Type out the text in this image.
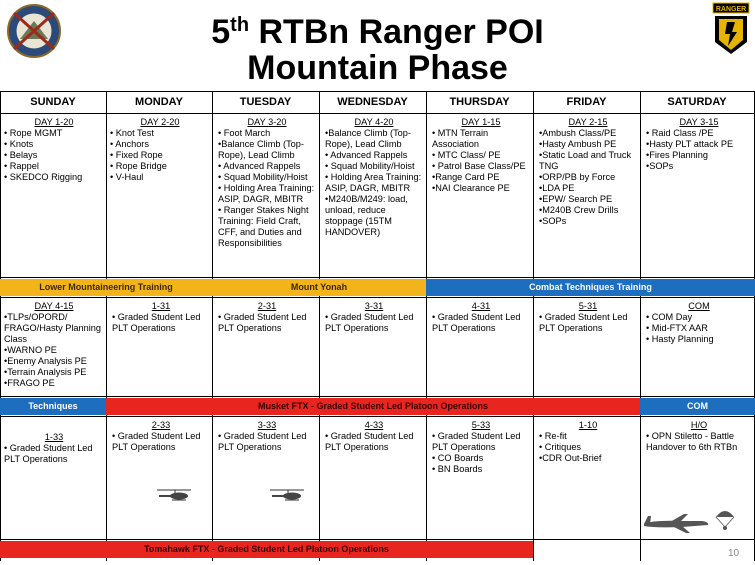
RANGER
5th RTBn Ranger POI
Mountain Phase
SUNDAY	MONDAY	TUESDAY	WEDNESDAY	THURSDAY	FRIDAY	SATURDAY
DAY 1-20
• Rope MGMT
• Knots
• Belays
• Rappel
• SKEDCO Rigging
DAY 2-20
• Knot Test
• Anchors
• Fixed Rope
• Rope Bridge
• V-Haul
DAY 3-20
• Foot March
•Balance Climb (Top-Rope), Lead Climb
• Advanced Rappels
• Squad Mobility/Hoist
• Holding Area Training: ASIP, DAGR, MBITR
• Ranger Stakes Night Training: Field Craft, CFF, and Duties and Responsibilities
DAY 4-20
•Balance Climb (Top-Rope), Lead Climb
• Advanced Rappels
• Squad Mobility/Hoist
• Holding Area Training: ASIP, DAGR, MBITR
•M240B/M249: load, unload, reduce stoppage (15TM HANDOVER)
DAY 1-15
• MTN Terrain Association
• MTC Class/ PE
• Patrol Base Class/PE
•Range Card PE
•NAI Clearance PE
DAY 2-15
•Ambush Class/PE
•Hasty Ambush PE
•Static Load and Truck TNG
•ORP/PB by Force
•LDA PE
•EPW/ Search PE
•M240B Crew Drills
•SOPs
DAY 3-15
• Raid Class /PE
•Hasty PLT attack PE
•Fires Planning
•SOPs
Lower Mountaineering Training	Mount Yonah	Combat Techniques Training
DAY 4-15
•TLPs/OPORD/ FRAGO/Hasty Planning Class
•WARNO PE
•Enemy Analysis PE
•Terrain Analysis PE
•FRAGO PE
1-31
• Graded Student Led PLT Operations
2-31
• Graded Student Led PLT Operations
3-31
• Graded Student Led PLT Operations
4-31
• Graded Student Led PLT Operations
5-31
• Graded Student Led PLT Operations
COM
• COM Day
• Mid-FTX AAR
• Hasty Planning
Techniques	Musket FTX - Graded Student Led Platoon Operations	COM
1-33
• Graded Student Led PLT Operations
2-33
• Graded Student Led PLT Operations
3-33
• Graded Student Led PLT Operations
4-33
• Graded Student Led PLT Operations
5-33
• Graded Student Led PLT Operations
• CO Boards
• BN Boards
1-10
• Re-fit
• Critiques
•CDR Out-Brief
H/O
• OPN Stiletto - Battle Handover to 6th RTBn
Tomahawk FTX - Graded Student Led Platoon Operations	10
